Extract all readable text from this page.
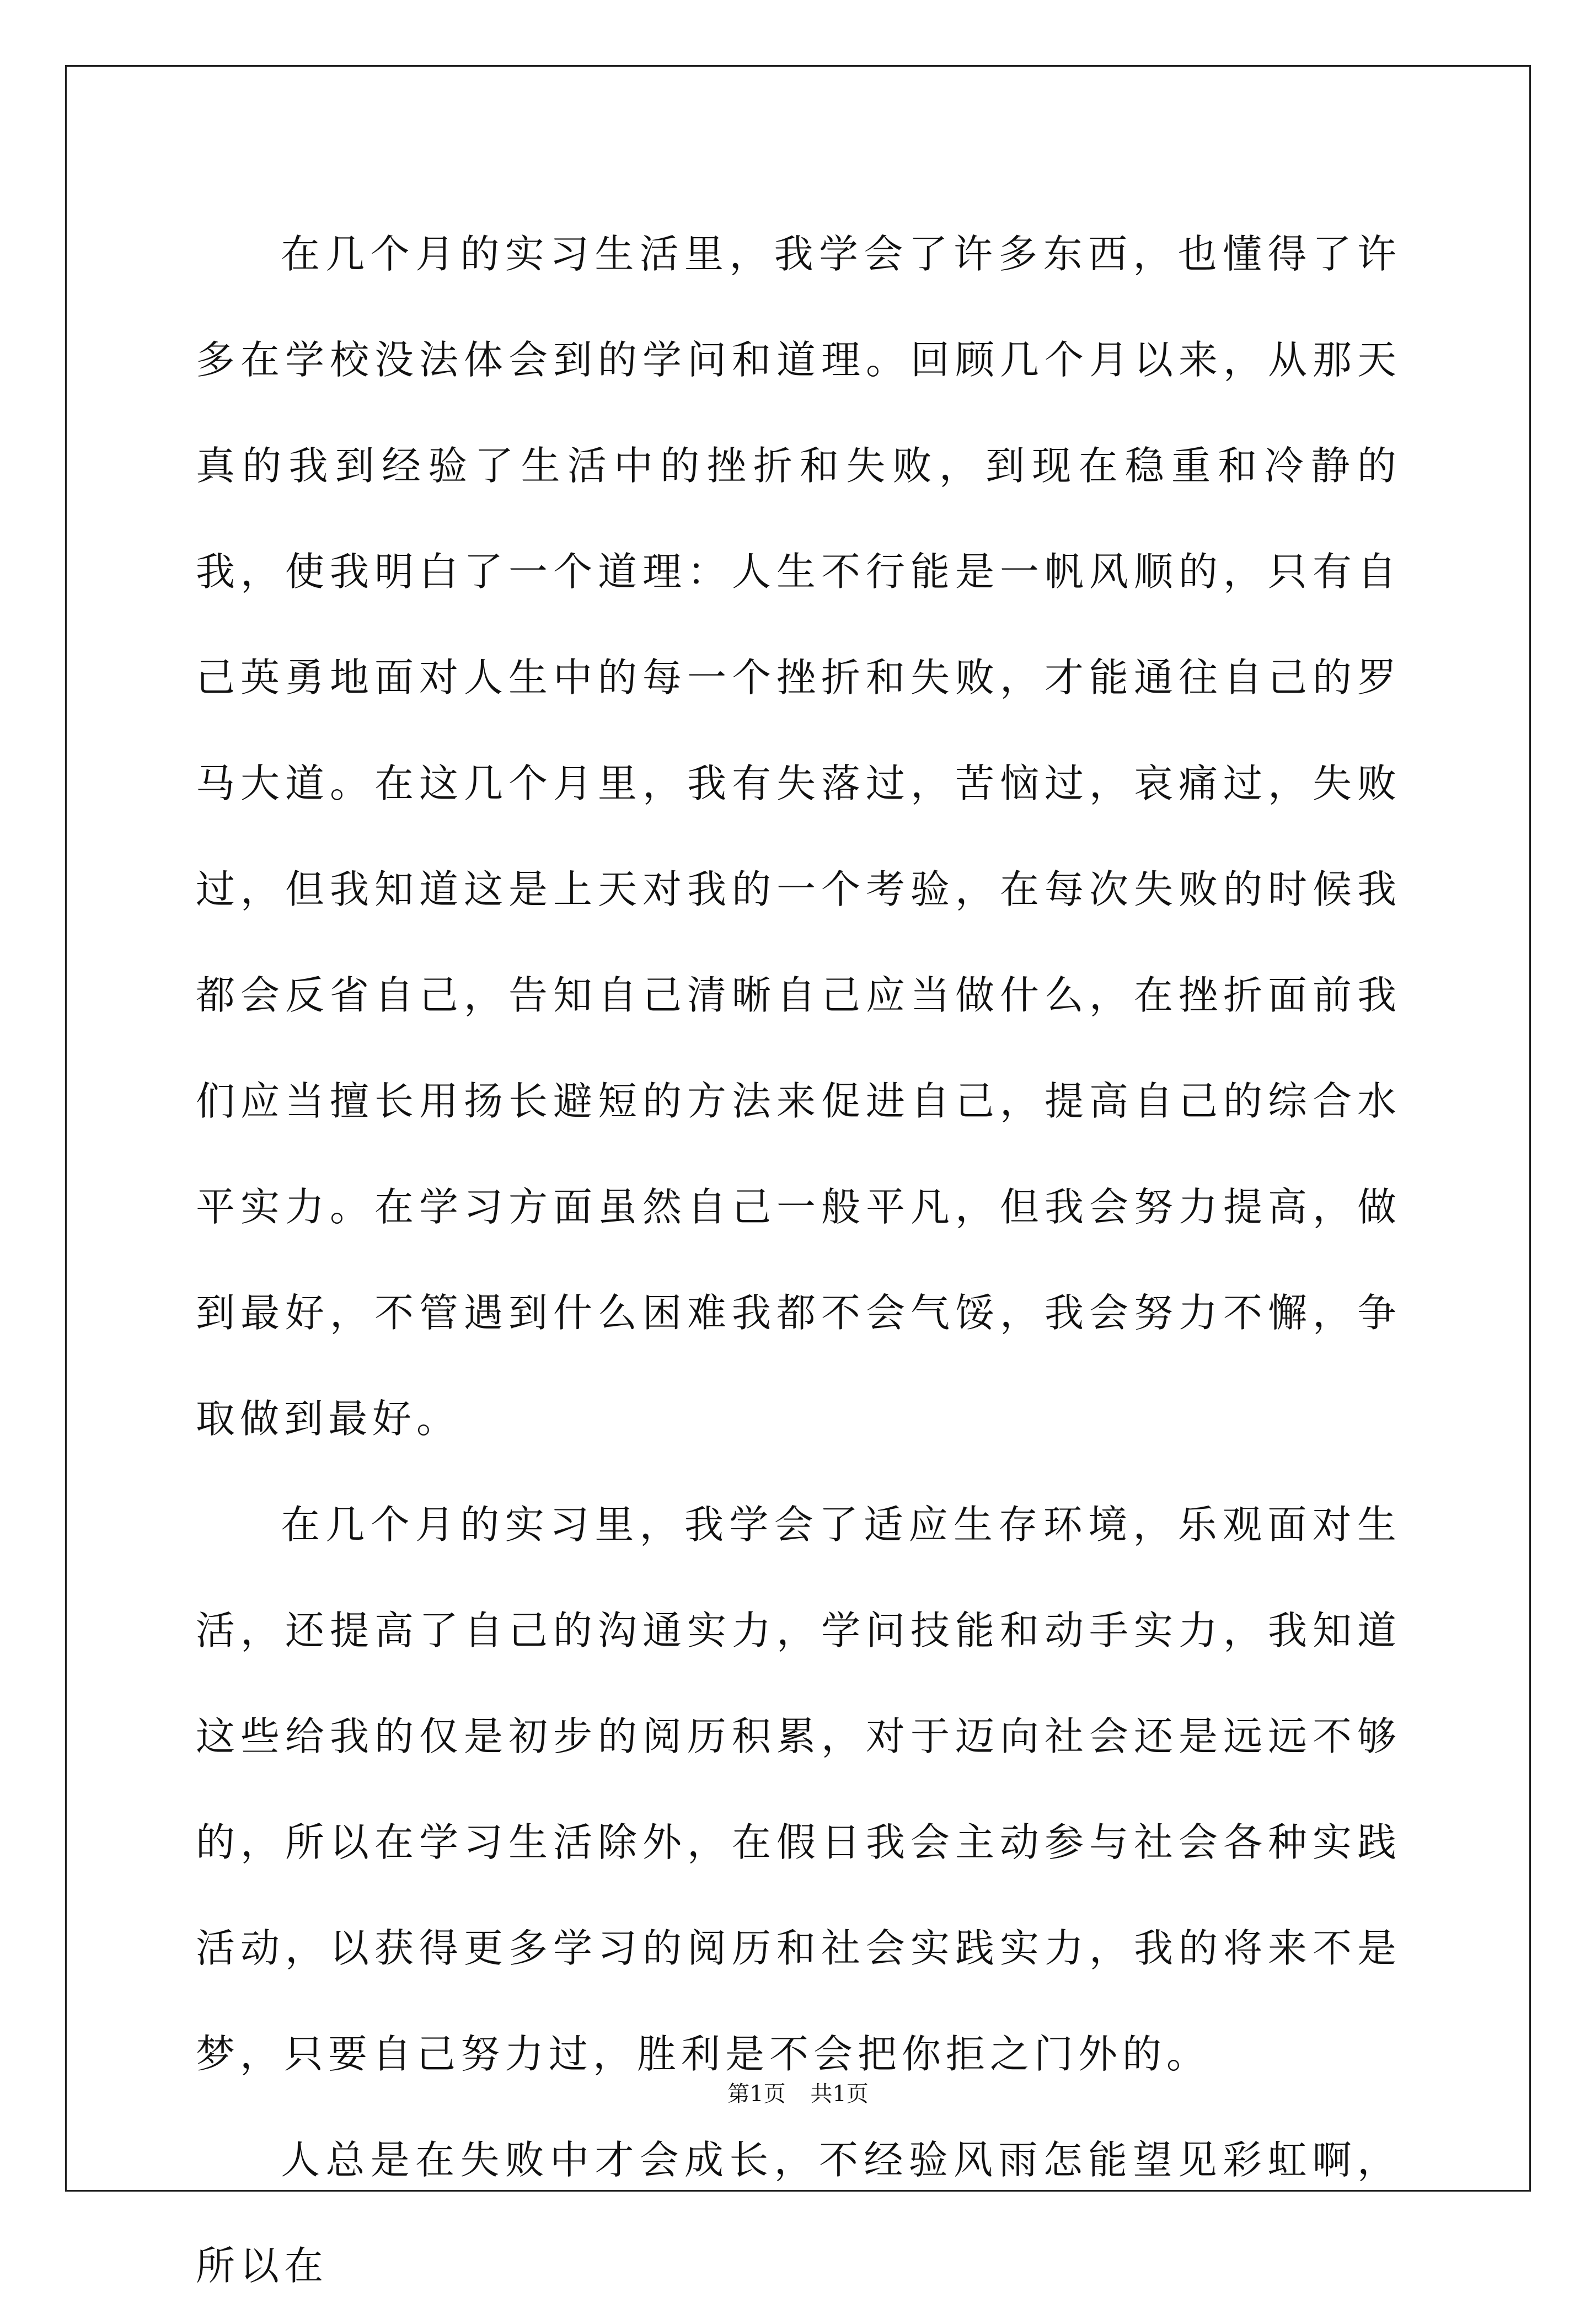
在几个月的实习生活里，我学会了许多东西，也懂得了许多在学校没法体会到的学问和道理。回顾几个月以来，从那天真的我到经验了生活中的挫折和失败，到现在稳重和冷静的我，使我明白了一个道理：人生不行能是一帆风顺的，只有自己英勇地面对人生中的每一个挫折和失败，才能通往自己的罗马大道。在这几个月里，我有失落过，苦恼过，哀痛过，失败过，但我知道这是上天对我的一个考验，在每次失败的时候我都会反省自己，告知自己清晰自己应当做什么，在挫折面前我们应当擅长用扬长避短的方法来促进自己，提高自己的综合水平实力。在学习方面虽然自己一般平凡，但我会努力提高，做到最好，不管遇到什么困难我都不会气馁，我会努力不懈，争取做到最好。

在几个月的实习里，我学会了适应生存环境，乐观面对生活，还提高了自己的沟通实力，学问技能和动手实力，我知道这些给我的仅是初步的阅历积累，对于迈向社会还是远远不够的，所以在学习生活除外，在假日我会主动参与社会各种实践活动，以获得更多学习的阅历和社会实践实力，我的将来不是梦，只要自己努力过，胜利是不会把你拒之门外的。

人总是在失败中才会成长，不经验风雨怎能望见彩虹啊，所以在

第1页 共1页
